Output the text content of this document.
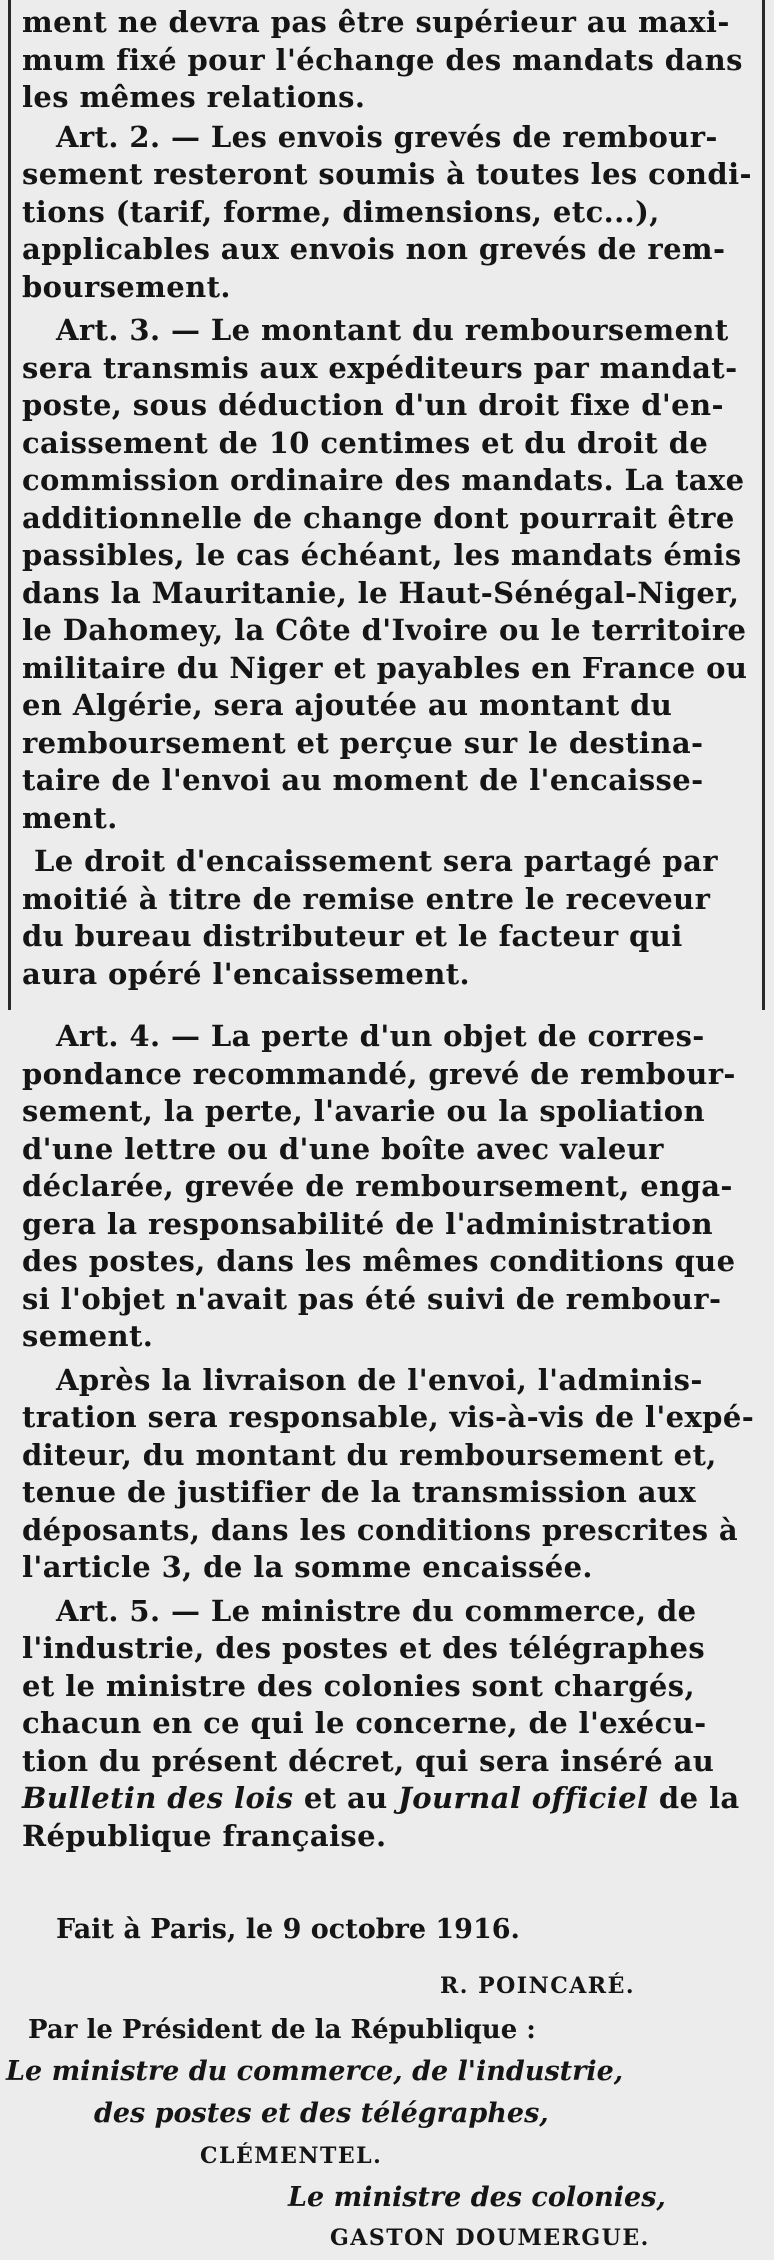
ment ne devra pas être supérieur au maxi-
mum fixé pour l'échange des mandats dans
les mêmes relations.
Art. 2. — Les envois grevés de rembour-
sement resteront soumis à toutes les condi-
tions (tarif, forme, dimensions, etc...),
applicables aux envois non grevés de rem-
boursement.
Art. 3. — Le montant du remboursement
sera transmis aux expéditeurs par mandat-
poste, sous déduction d'un droit fixe d'en-
caissement de 10 centimes et du droit de
commission ordinaire des mandats. La taxe
additionnelle de change dont pourrait être
passibles, le cas échéant, les mandats émis
dans la Mauritanie, le Haut-Sénégal-Niger,
le Dahomey, la Côte d'Ivoire ou le territoire
militaire du Niger et payables en France ou
en Algérie, sera ajoutée au montant du
remboursement et perçue sur le destina-
taire de l'envoi au moment de l'encaisse-
ment.
Le droit d'encaissement sera partagé par
moitié à titre de remise entre le receveur
du bureau distributeur et le facteur qui
aura opéré l'encaissement.
Art. 4. — La perte d'un objet de corres-
pondance recommandé, grevé de rembour-
sement, la perte, l'avarie ou la spoliation
d'une lettre ou d'une boîte avec valeur
déclarée, grevée de remboursement, enga-
gera la responsabilité de l'administration
des postes, dans les mêmes conditions que
si l'objet n'avait pas été suivi de rembour-
sement.
Après la livraison de l'envoi, l'adminis-
tration sera responsable, vis-à-vis de l'expé-
diteur, du montant du remboursement et,
tenue de justifier de la transmission aux
déposants, dans les conditions prescrites à
l'article 3, de la somme encaissée.
Art. 5. — Le ministre du commerce, de
l'industrie, des postes et des télégraphes
et le ministre des colonies sont chargés,
chacun en ce qui le concerne, de l'exécu-
tion du présent décret, qui sera inséré au
Bulletin des lois et au Journal officiel de la
République française.
Fait à Paris, le 9 octobre 1916.
R. POINCARÉ.
Par le Président de la République :
Le ministre du commerce, de l'industrie,
des postes et des télégraphes,
CLÉMENTEL.
Le ministre des colonies,
GASTON DOUMERGUE.
